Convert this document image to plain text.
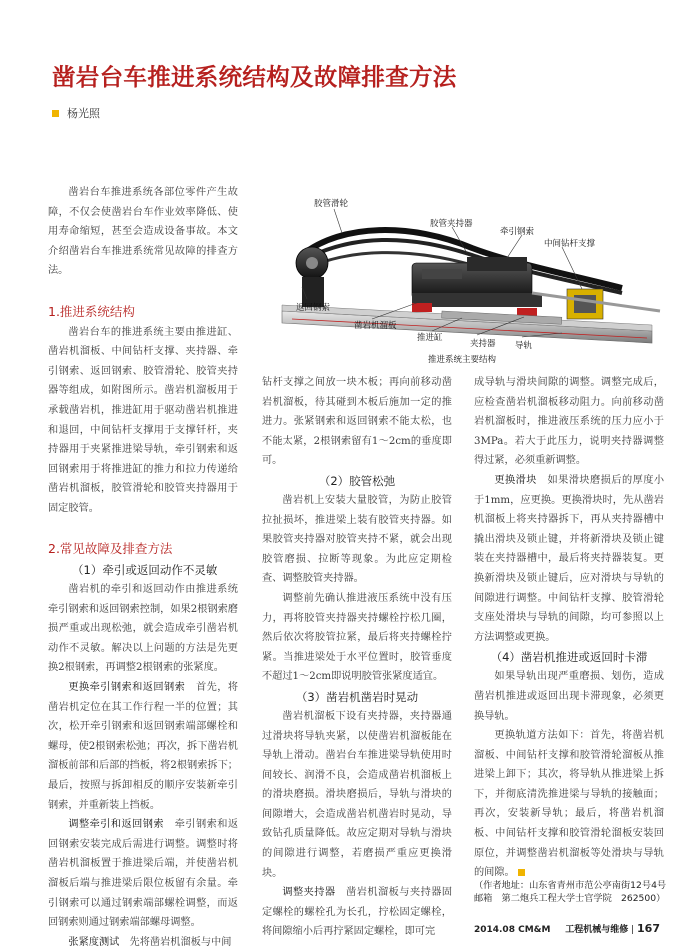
凿岩台车推进系统结构及故障排查方法
杨光照

凿岩台车推进系统各部位零件产生故障，不仅会使凿岩台车作业效率降低、使用寿命缩短，甚至会造成设备事故。本文介绍凿岩台车推进系统常见故障的排查方法。

1.推进系统结构

凿岩台车的推进系统主要由推进缸、凿岩机溜板、中间钻杆支撑、夹持器、牵引钢索、返回钢索、胶管滑轮、胶管夹持器等组成，如附图所示。凿岩机溜板用于承载凿岩机，推进缸用于驱动凿岩机推进和退回，中间钻杆支撑用于支撑钎杆，夹持器用于夹紧推进梁导轨，牵引钢索和返回钢索用于将推进缸的推力和拉力传递给凿岩机溜板，胶管滑轮和胶管夹持器用于固定胶管。

2.常见故障及排查方法
（1）牵引或返回动作不灵敏

凿岩机的牵引和返回动作由推进系统牵引钢索和返回钢索控制，如果2根钢索磨损严重或出现松弛，就会造成牵引凿岩机动作不灵敏。解决以上问题的方法是先更换2根钢索，再调整2根钢索的张紧度。

更换牵引钢索和返回钢索　 首先，将凿岩机定位在其工作行程一半的位置；其次，松开牵引钢索和返回钢索端部螺栓和螺母，使2根钢索松弛；再次，拆下凿岩机溜板前部和后部的挡板，将2根钢索拆下；最后，按照与拆卸相反的顺序安装新牵引钢索，并重新装上挡板。

调整牵引和返回钢索　 牵引钢索和返回钢索安装完成后需进行调整。调整时将凿岩机溜板置于推进梁后端，并使凿岩机溜板后端与推进梁后限位板留有余量。牵引钢索可以通过钢索端部螺栓调整，而返回钢索则通过钢索端部螺母调整。

张紧度测试　 先将凿岩机溜板与中间

胶管滑轮
胶管夹持器
牵引钢索
中间钻杆支撑
返回钢索
凿岩机溜板
推进缸
夹持器 导轨
推进系统主要结构

钻杆支撑之间放一块木板；再向前移动凿岩机溜板，待其碰到木板后施加一定的推进力。张紧钢索和返回钢索不能太松，也不能太紧，2根钢索留有1～2cm的垂度即可。

（2）胶管松弛

凿岩机上安装大量胶管，为防止胶管拉扯损坏，推进梁上装有胶管夹持器。如果胶管夹持器对胶管夹持不紧，就会出现胶管磨损、拉断等现象。为此应定期检查、调整胶管夹持器。

调整前先确认推进液压系统中没有压力，再将胶管夹持器夹持螺栓拧松几圈，然后依次将胶管拉紧，最后将夹持螺栓拧紧。当推进梁处于水平位置时，胶管垂度不超过1～2cm即说明胶管张紧度适宜。

（3）凿岩机凿岩时晃动

凿岩机溜板下设有夹持器，夹持器通过滑块将导轨夹紧，以使凿岩机溜板能在导轨上滑动。凿岩台车推进梁导轨使用时间较长、润滑不良，会造成凿岩机溜板上的滑块磨损。滑块磨损后，导轨与滑块的间隙增大，会造成凿岩机凿岩时晃动，导致钻孔质量降低。故应定期对导轨与滑块的间隙进行调整，若磨损严重应更换滑块。

调整夹持器　 凿岩机溜板与夹持器固定螺栓的螺栓孔为长孔，拧松固定螺栓，将间隙缩小后再拧紧固定螺栓，即可完

成导轨与滑块间隙的调整。调整完成后，应检查凿岩机溜板移动阻力。向前移动凿岩机溜板时，推进液压系统的压力应小于3MPa。若大于此压力，说明夹持器调整得过紧，必须重新调整。

更换滑块　 如果滑块磨损后的厚度小于1mm，应更换。更换滑块时，先从凿岩机溜板上将夹持器拆下，再从夹持器槽中撬出滑块及锁止键，并将新滑块及锁止键装在夹持器槽中，最后将夹持器装复。更换新滑块及锁止键后，应对滑块与导轨的间隙进行调整。中间钻杆支撑、胶管滑轮支座处滑块与导轨的间隙，均可参照以上方法调整或更换。

（4）凿岩机推进或返回时卡滞

如果导轨出现严重磨损、划伤，造成凿岩机推进或返回出现卡滞现象，必须更换导轨。

更换轨道方法如下：首先，将凿岩机溜板、中间钻杆支撑和胶管滑轮溜板从推进梁上卸下；其次，将导轨从推进梁上拆下，并彻底清洗推进梁与导轨的接触面；再次，安装新导轨；最后，将凿岩机溜板、中间钻杆支撑和胶管滑轮溜板安装回原位，并调整凿岩机溜板等处滑块与导轨的间隙。

（作者地址：山东省青州市范公亭南街12号4号
邮箱　第二炮兵工程大学士官学院　262500）
2014.08 CM&M 　 工程机械与维修 | 167
